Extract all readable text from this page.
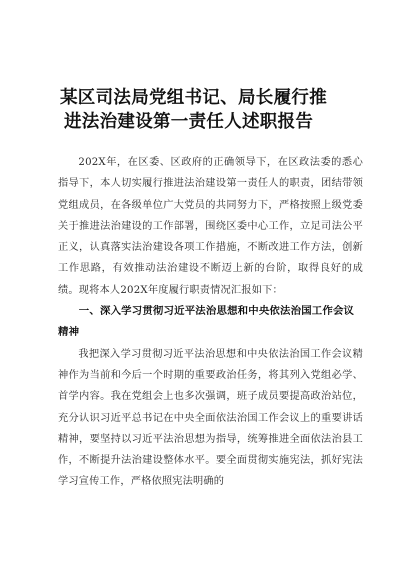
某区司法局党组书记、局长履行推
进法治建设第一责任人述职报告

202X年，在区委、区政府的正确领导下，在区政法委的悉心指导下，本人切实履行推进法治建设第一责任人的职责，团结带领党组成员，在各级单位广大党员的共同努力下，严格按照上级党委关于推进法治建设的工作部署，围绕区委中心工作，立足司法公平正义，认真落实法治建设各项工作措施，不断改进工作方法，创新工作思路，有效推动法治建设不断迈上新的台阶，取得良好的成绩。现将本人202X年度履行职责情况汇报如下：

一、深入学习贯彻习近平法治思想和中央依法治国工作会议精神

我把深入学习贯彻习近平法治思想和中央依法治国工作会议精神作为当前和今后一个时期的重要政治任务，将其列入党组必学、首学内容。我在党组会上也多次强调，班子成员要提高政治站位，充分认识习近平总书记在中央全面依法治国工作会议上的重要讲话精神，要坚持以习近平法治思想为指导，统筹推进全面依法治县工作，不断提升法治建设整体水平。要全面贯彻实施宪法，抓好宪法学习宣传工作，严格依照宪法明确的
